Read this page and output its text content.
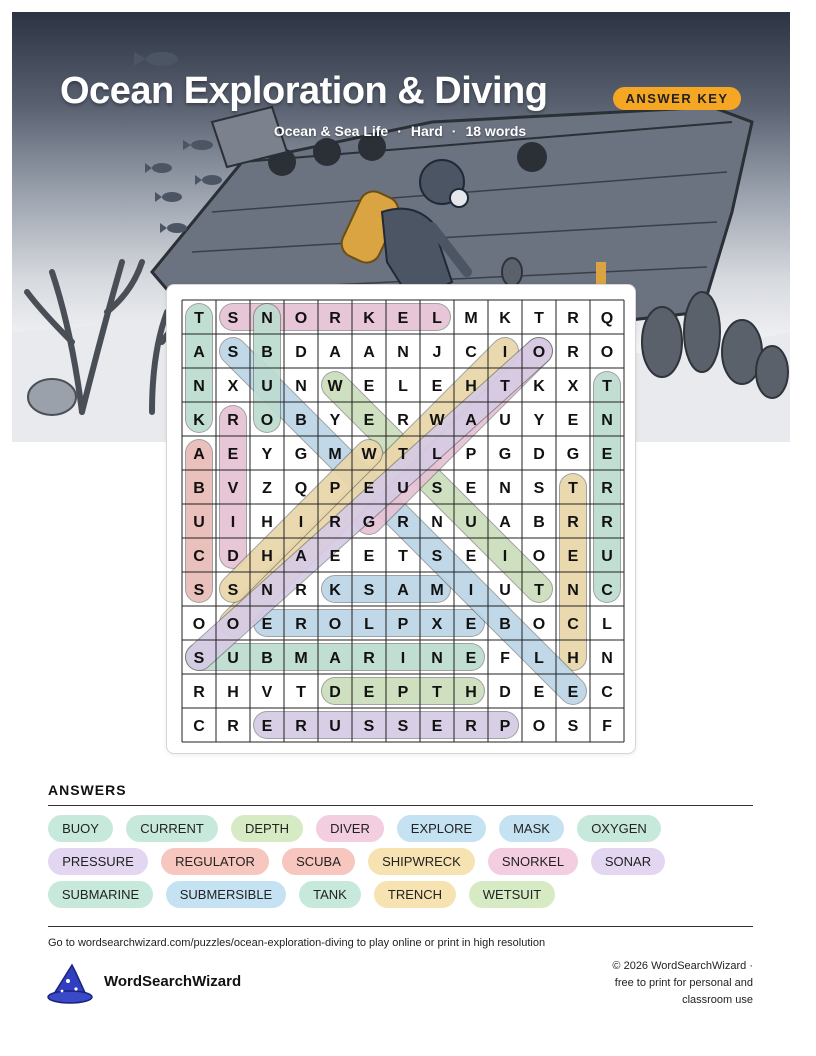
Ocean Exploration & Diving	ANSWER KEY
Ocean & Sea Life · Hard · 18 words
T S N O R K E L M K T R Q
A S B D A A N J C I O R O
N X U N W E L E H T K X T
K R O B Y E R W A U Y E N
A E Y G M W T L P G D G E
B V Z Q P E U S E N S T R
U I H I R G R N U A B R R
C D H A E E T S E I O E U
S S N R K S A M I U T N C
O O E R O L P X E B O C L
S U B M A R I N E F L H N
R H V T D E P T H D E E C
C R E R U S S E R P O S F
ANSWERS
BUOY	CURRENT	DEPTH	DIVER	EXPLORE	MASK	OXYGEN
PRESSURE	REGULATOR	SCUBA	SHIPWRECK	SNORKEL	SONAR
SUBMARINE	SUBMERSIBLE	TANK	TRENCH	WETSUIT
Go to wordsearchwizard.com/puzzles/ocean-exploration-diving to play online or print in high resolution
WordSearchWizard
© 2026 WordSearchWizard ·
free to print for personal and
classroom use
